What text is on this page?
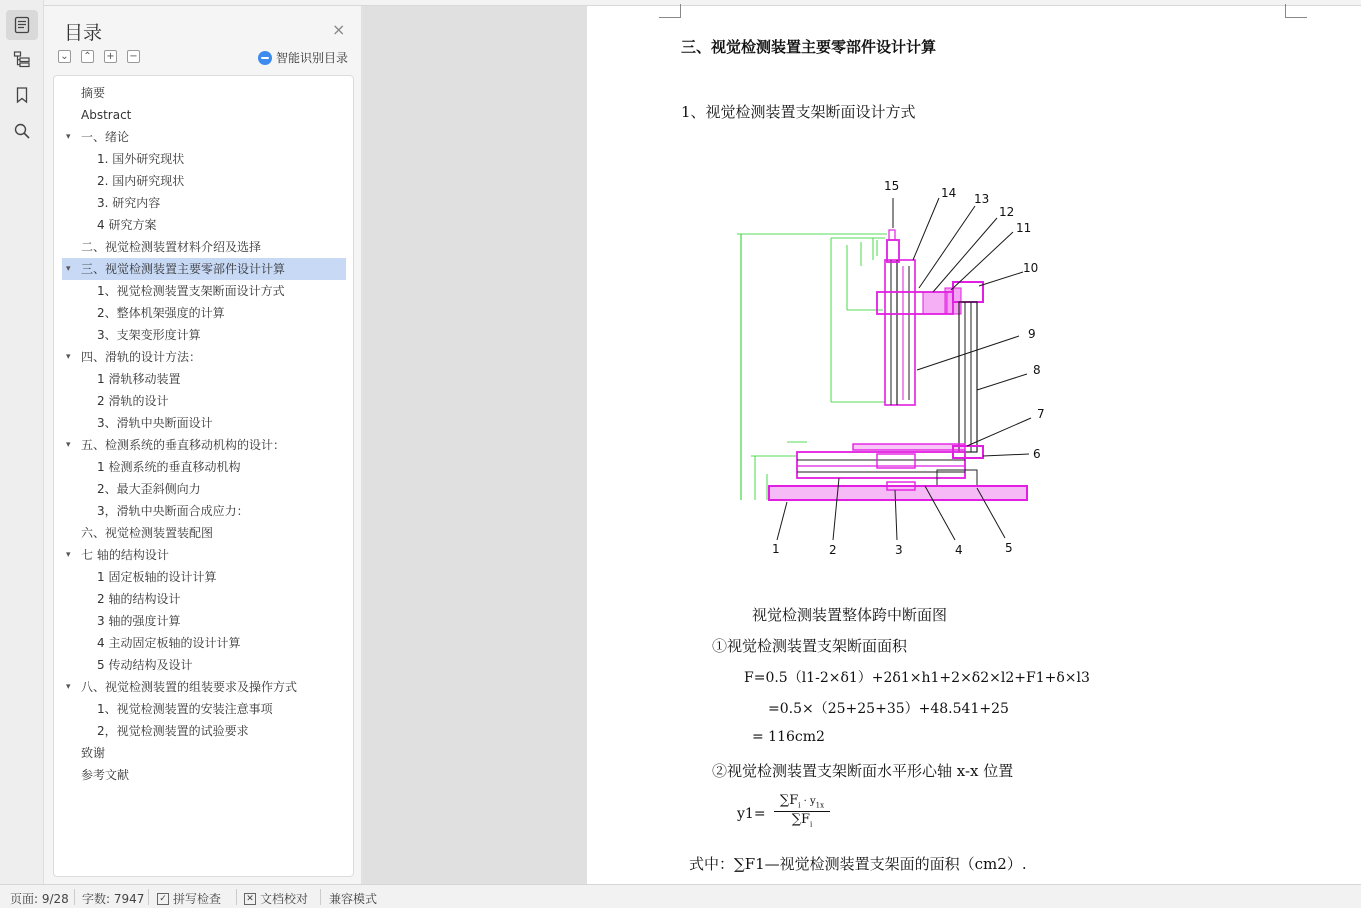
目录	×
⌄ ⌃ + −	智能识别目录
摘要
Abstract
▾ 一、绪论
1. 国外研究现状
2. 国内研究现状
3. 研究内容
4 研究方案
二、视觉检测装置材料介绍及选择
▾ 三、视觉检测装置主要零部件设计计算
1、视觉检测装置支架断面设计方式
2、整体机架强度的计算
3、支架变形度计算
▾ 四、滑轨的设计方法：
1 滑轨移动装置
2 滑轨的设计
3、滑轨中央断面设计
▾ 五、检测系统的垂直移动机构的设计：
1 检测系统的垂直移动机构
2、最大歪斜侧向力
3，滑轨中央断面合成应力：
六、视觉检测装置装配图
▾ 七 轴的结构设计
1 固定板轴的设计计算
2 轴的结构设计
3 轴的强度计算
4 主动固定板轴的设计计算
5 传动结构及设计
▾ 八、视觉检测装置的组装要求及操作方式
1、视觉检测装置的安装注意事项
2，视觉检测装置的试验要求
致谢
参考文献
三、视觉检测装置主要零部件设计计算
1、视觉检测装置支架断面设计方式
15	14 13
12
11
10
9
8
7
6
1	2	3	4	5
视觉检测装置整体跨中断面图
①视觉检测装置支架断面面积
F=0.5（l1-2×δ1）+2δ1×h1+2×δ2×l2+F1+δ×l3
=0.5×（25+25+35）+48.541+25
= 116cm2
②视觉检测装置支架断面水平形心轴 x-x 位置
$y1= \frac{\sum F_i \cdot y_{1x}}{\sum F_i}$
式中：∑F1—视觉检测装置支架面的面积（cm2）.
页面: 9/28 字数: 7947 ✓ 拼写检查	✕ 文档校对 兼容模式
